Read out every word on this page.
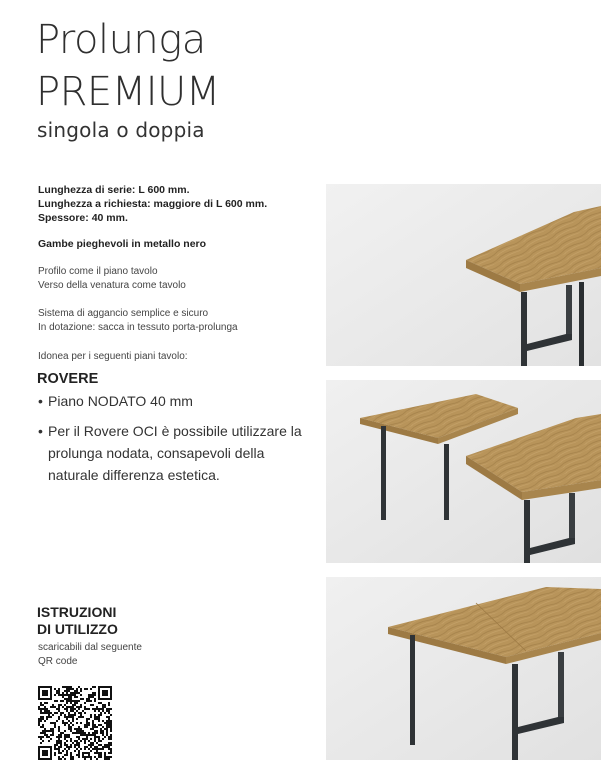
Prolunga
PREMIUM
singola o doppia
Lunghezza di serie: L 600 mm.
Lunghezza a richiesta: maggiore di L 600 mm.
Spessore: 40 mm.
Gambe pieghevoli in metallo nero
Profilo come il piano tavolo
Verso della venatura come tavolo
Sistema di aggancio semplice e sicuro
In dotazione: sacca in tessuto porta-prolunga
Idonea per i seguenti piani tavolo:
ROVERE
• Piano NODATO 40 mm
• Per il Rovere OCI è possibile utilizzare la prolunga nodata, consapevoli della naturale differenza estetica.
ISTRUZIONI
DI UTILIZZO
scaricabili dal seguente
QR code
